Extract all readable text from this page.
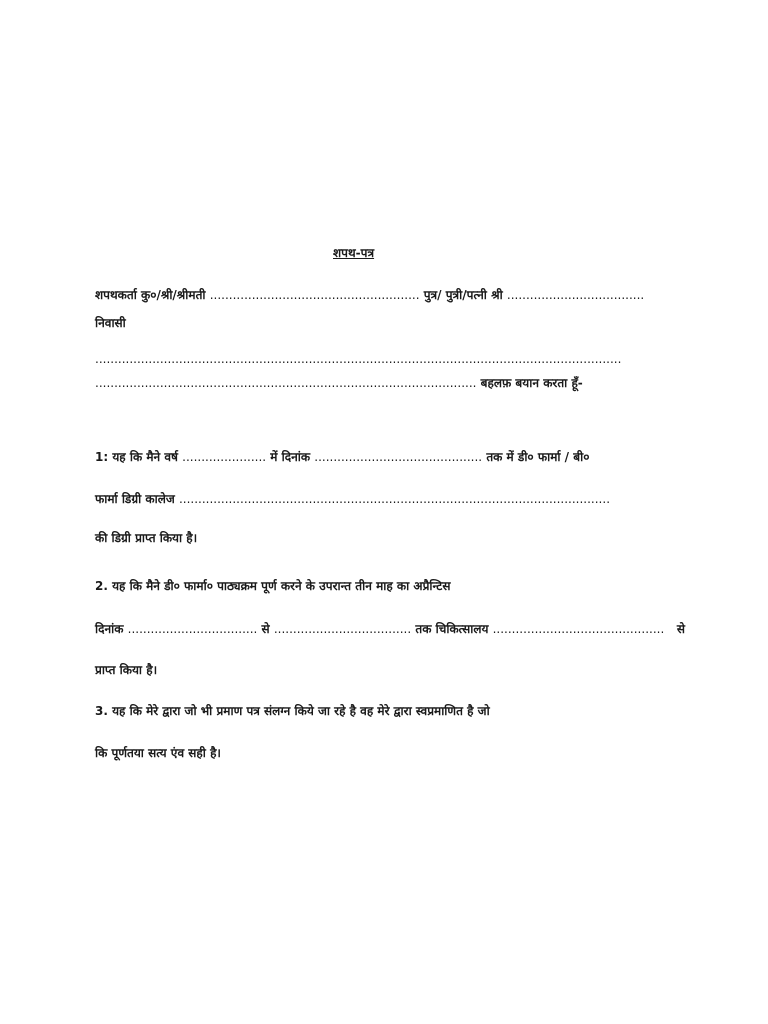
शपथ-पत्र
शपथकर्ता कु०/श्री/श्रीमती ....................................................... पुत्र/ पुत्री/पत्नी श्री ....................................
निवासी
..........................................................................................................................................
.................................................................................................... बहलफ़ बयान करता हूँ-
1: यह कि मैने वर्ष ...................... में दिनांक ............................................ तक में डी० फार्मा / बी०
फार्मा डिग्री कालेज .................................................................................................................
की डिग्री प्राप्त किया है।
2. यह कि मैने डी० फार्मा० पाठ्यक्रम पूर्ण करने के उपरान्त तीन माह का अप्रैन्टिस
दिनांक .................................. से .................................... तक चिकित्सालय ............................................. से
प्राप्त किया है।
3. यह कि मेरे द्वारा जो भी प्रमाण पत्र संलग्न किये जा रहे है वह मेरे द्वारा स्वप्रमाणित है जो
कि पूर्णतया सत्य एंव सही है।
